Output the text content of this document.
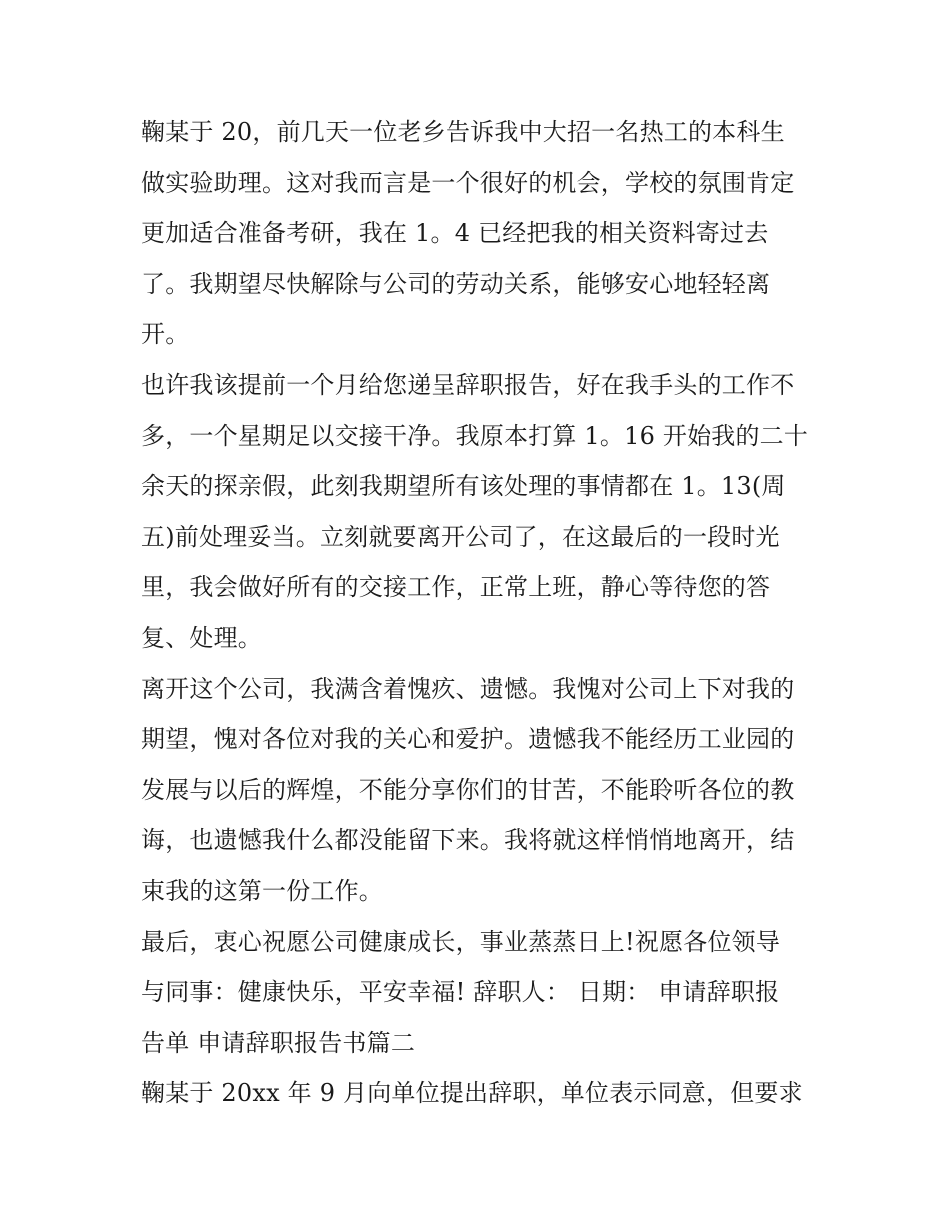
鞠某于 20，前几天一位老乡告诉我中大招一名热工的本科生
做实验助理。这对我而言是一个很好的机会，学校的氛围肯定
更加适合准备考研，我在 1。4 已经把我的相关资料寄过去
了。我期望尽快解除与公司的劳动关系，能够安心地轻轻离
开。
也许我该提前一个月给您递呈辞职报告，好在我手头的工作不
多，一个星期足以交接干净。我原本打算 1。16 开始我的二十
余天的探亲假，此刻我期望所有该处理的事情都在 1。13(周
五)前处理妥当。立刻就要离开公司了，在这最后的一段时光
里，我会做好所有的交接工作，正常上班，静心等待您的答
复、处理。
离开这个公司，我满含着愧疚、遗憾。我愧对公司上下对我的
期望，愧对各位对我的关心和爱护。遗憾我不能经历工业园的
发展与以后的辉煌，不能分享你们的甘苦，不能聆听各位的教
诲，也遗憾我什么都没能留下来。我将就这样悄悄地离开，结
束我的这第一份工作。
最后，衷心祝愿公司健康成长，事业蒸蒸日上!祝愿各位领导
与同事：健康快乐，平安幸福! 辞职人： 日期： 申请辞职报
告单 申请辞职报告书篇二
鞠某于 20xx 年 9 月向单位提出辞职，单位表示同意，但要求
